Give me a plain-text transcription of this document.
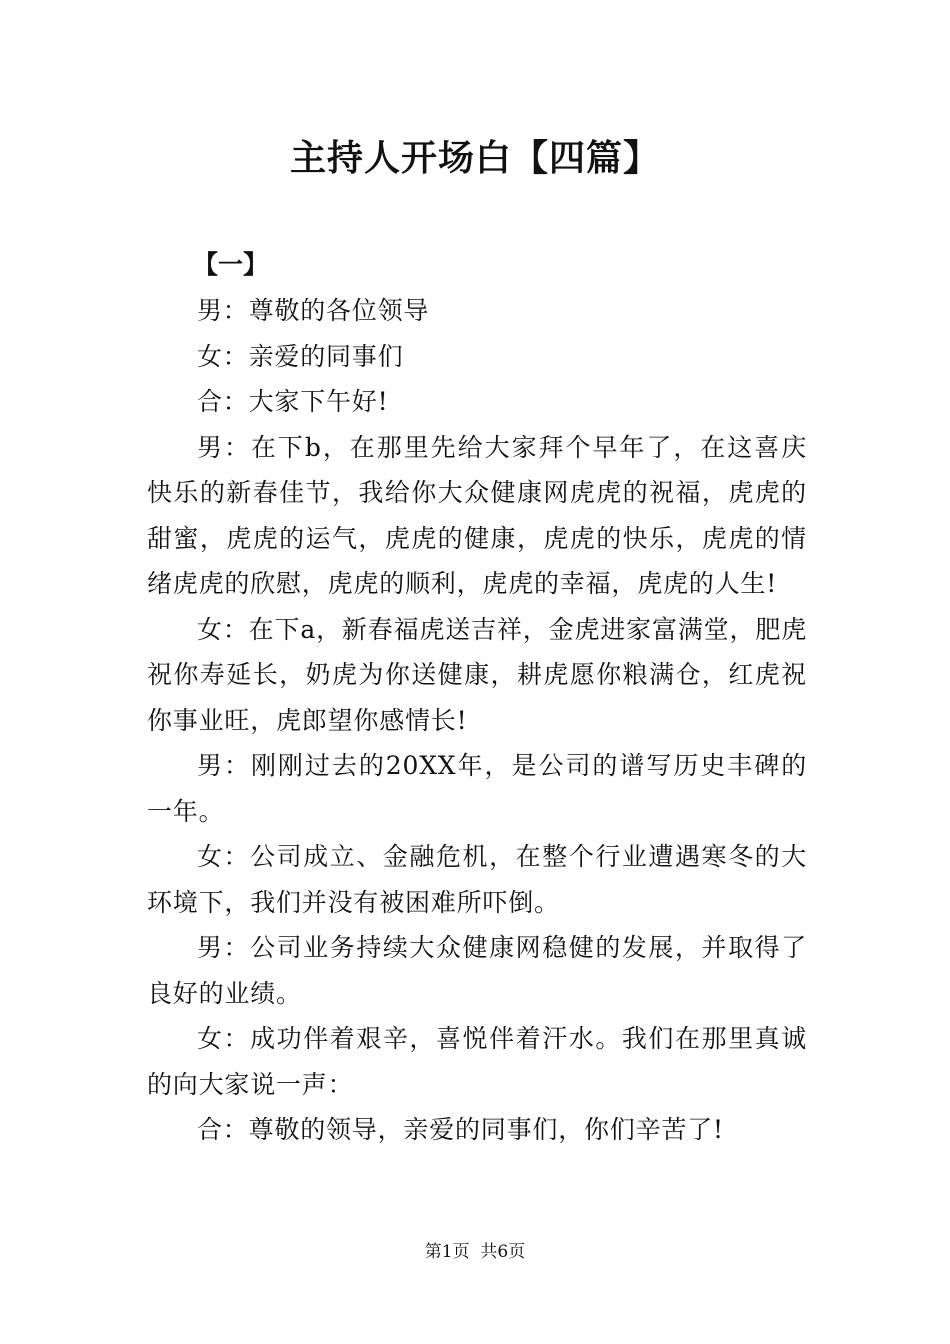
主持人开场白【四篇】
【一】

男：尊敬的各位领导

女：亲爱的同事们

合：大家下午好!

男：在下b，在那里先给大家拜个早年了，在这喜庆快乐的新春佳节，我给你大众健康网虎虎的祝福，虎虎的甜蜜，虎虎的运气，虎虎的健康，虎虎的快乐，虎虎的情绪虎虎的欣慰，虎虎的顺利，虎虎的幸福，虎虎的人生!

女：在下a，新春福虎送吉祥，金虎进家富满堂，肥虎祝你寿延长，奶虎为你送健康，耕虎愿你粮满仓，红虎祝你事业旺，虎郎望你感情长!

男：刚刚过去的20XX年，是公司的谱写历史丰碑的一年。

女：公司成立、金融危机，在整个行业遭遇寒冬的大环境下，我们并没有被困难所吓倒。

男：公司业务持续大众健康网稳健的发展，并取得了良好的业绩。

女：成功伴着艰辛，喜悦伴着汗水。我们在那里真诚的向大家说一声：

合：尊敬的领导，亲爱的同事们，你们辛苦了!

第1页  共6页
